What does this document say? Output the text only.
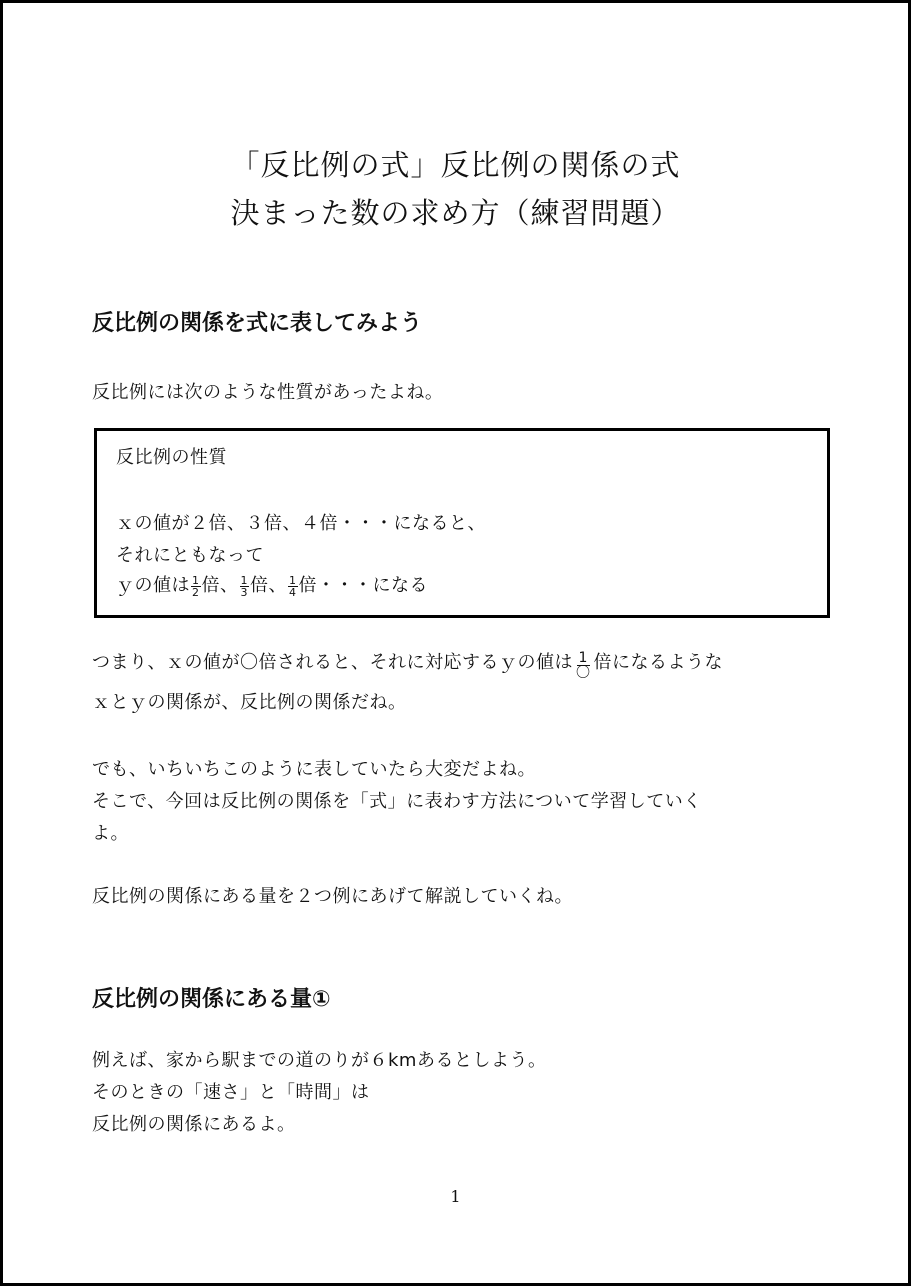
「反比例の式」反比例の関係の式
決まった数の求め方（練習問題）
反比例の関係を式に表してみよう
反比例には次のような性質があったよね。
反比例の性質
ｘの値が２倍、３倍、４倍・・・になると、
それにともなって
ｙの値は $\frac{1}{2}$ 倍、 $\frac{1}{3}$ 倍、 $\frac{1}{4}$ 倍・・・になる
つまり、ｘの値が〇倍されると、それに対応するｙの値は $\frac{1}{\text{〇}}$ 倍になるような
ｘとｙの関係が、反比例の関係だね。
でも、いちいちこのように表していたら大変だよね。
そこで、今回は反比例の関係を「式」に表わす方法について学習していく
よ。
反比例の関係にある量を２つ例にあげて解説していくね。
反比例の関係にある量①
例えば、家から駅までの道のりが６kmあるとしよう。
そのときの「速さ」と「時間」は
反比例の関係にあるよ。
1
